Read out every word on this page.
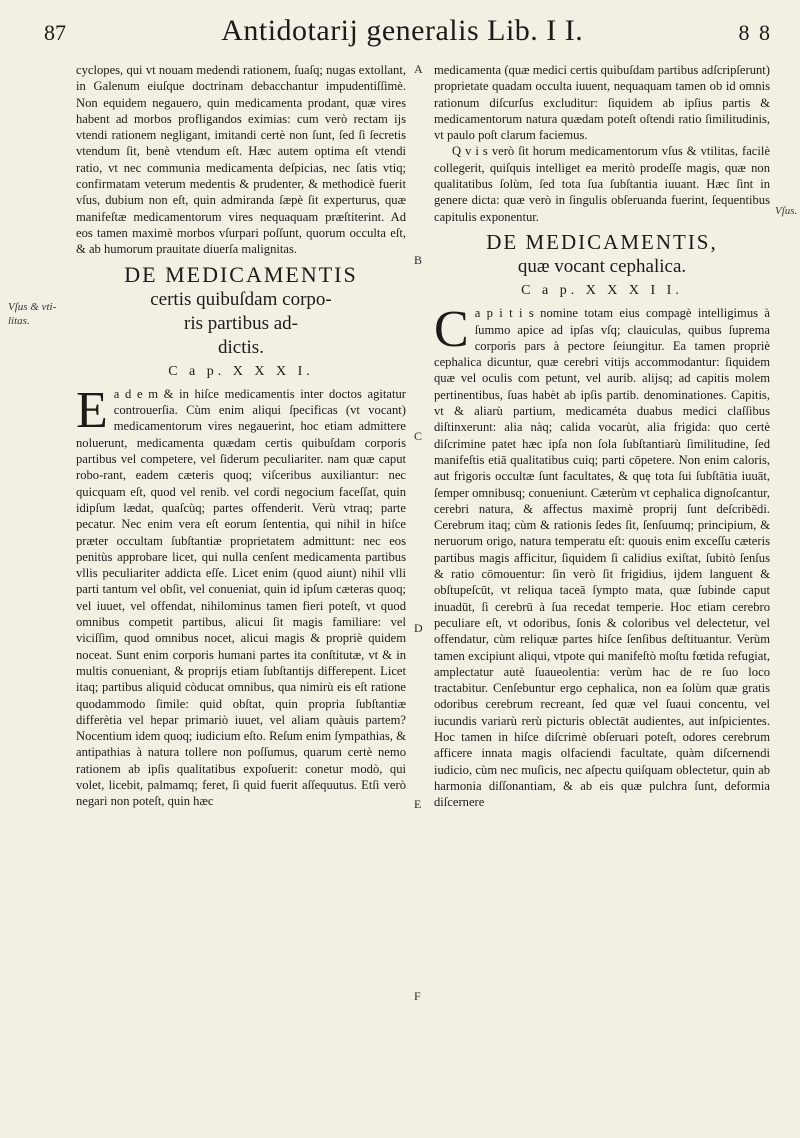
87	Antidotarij generalis Lib. I I.	8 8
Vſus & vti-
litas.
Vſus.
A
B
C
D
E
F

cyclopes, qui vt nouam medendi rationem, ſuaſq; nugas extollant, in Galenum eiuſque doctrinam debacchantur impudentiſſimè. Non equidem negauero, quin medicamenta prodant, quæ vires habent ad morbos profligandos eximias: cum verò rectam ijs vtendi rationem negligant, imitandi certè non ſunt, ſed ſi ſecretis vtendum ſit, benè vtendum eſt. Hæc autem optima eſt vtendi ratio, vt nec communia medicamenta deſpicias, nec ſatis vtiq; confirmatam veterum medentis & prudenter, & methodicè fuerit vſus, dubium non eſt, quin admiranda ſæpè ſit experturus, quæ manifeſtæ medicamentorum vires nequaquam præſtiterint. Ad eos tamen maximè morbos vſurpari poſſunt, quorum occulta eſt, & ab humorum prauitate diuerſa malignitas.

DE MEDICAMENTIS
certis quibuſdam corpo-
ris partibus ad-
dictis.
C a p. X X X I.

Ea d e m & in hiſce medicamentis inter doctos agitatur controuerſia. Cùm enim aliqui ſpecificas (vt vocant) medicamentorum vires negauerint, hoc etiam admittere noluerunt, medicamenta quædam certis quibuſdam corporis partibus vel competere, vel ſiderum peculiariter. nam quæ caput robo-rant, eadem cæteris quoq; viſceribus auxiliantur: nec quicquam eſt, quod vel renib. vel cordi negocium faceſſat, quin idipſum lædat, quaſcùq; partes offenderit. Verù vtraq; parte pecatur. Nec enim vera eſt eorum ſententia, qui nihil in hiſce præter occultam ſubſtantiæ proprietatem admittunt: nec eos penitùs approbare licet, qui nulla cenſent medicamenta partibus vllis peculiariter addicta eſſe. Licet enim (quod aiunt) nihil vlli parti tantum vel obſit, vel conueniat, quin id ipſum cæteras quoq; vel iuuet, vel offendat, nihilominus tamen fieri poteſt, vt quod omnibus competit partibus, alicui ſit magis familiare: vel viciſſim, quod omnibus nocet, alicui magis & propriè quidem noceat. Sunt enim corporis humani partes ita conſtitutæ, vt & in multis conueniant, & proprijs etiam ſubſtantijs differepent. Licet itaq; partibus aliquid còducat omnibus, qua nimirù eis eſt ratione quodammodo ſimile: quid obſtat, quin propria ſubſtantiæ differètia vel hepar primariò iuuet, vel aliam quàuis partem? Nocentium idem quoq; iudicium eſto. Reſum enim ſympathias, & antipathias à natura tollere non poſſumus, quarum certè nemo rationem ab ipſis qualitatibus expoſuerit: conetur modò, qui volet, licebit, palmamq; feret, ſi quid fuerit aſſequutus. Etſi verò negari non poteſt, quin hæc

medicamenta (quæ medici certis quibuſdam partibus adſcripſerunt) proprietate quadam occulta iuuent, nequaquam tamen ob id omnis rationum diſcurſus excluditur: ſiquidem ab ipſius partis & medicamentorum natura quædam poteſt oſtendi ratio ſimilitudinis, vt paulo poſt clarum faciemus.

Q v i s verò ſit horum medicamentorum vſus & vtilitas, facilè collegerit, quiſquis intelliget ea meritò prodeſſe magis, quæ non qualitatibus ſolùm, ſed tota ſua ſubſtantia iuuant. Hæc ſint in genere dicta: quæ verò in ſingulis obſeruanda fuerint, ſequentibus capitulis exponentur.

DE MEDICAMENTIS,
quæ vocant cephalica.
C a p. X X X I I.

Ca p i t i s nomine totam eius compagè intelligimus à ſummo apice ad ipſas vſq; clauiculas, quibus ſuprema corporis pars à pectore ſeiungitur. Ea tamen propriè cephalica dicuntur, quæ cerebri vitijs accommodantur: ſiquidem quæ vel oculis com petunt, vel aurib. alijsq; ad capitis molem pertinentibus, ſuas habèt ab ipſis partib. denominationes. Capitis, vt & aliarù partium, medicaméta duabus medici claſſibus diſtinxerunt: alia nàq; calida vocarùt, alia frigida: quo certè diſcrimine patet hæc ipſa non ſola ſubſtantiarù ſimilitudine, ſed manifeſtis etiā qualitatibus cuiq; parti cōpetere. Non enim caloris, aut frigoris occultæ ſunt facultates, & quę tota ſui ſubſtātia iuuāt, ſemper omnibusq; conueniunt. Cæterùm vt cephalica dignoſcantur, cerebri natura, & affectus maximè proprij ſunt deſcribēdi. Cerebrum itaq; cùm & rationis ſedes ſit, ſenſuumq; principium, & neruorum origo, natura temperatu eſt: quouis enim exceſſu cæteris partibus magis afficitur, ſiquidem ſi calidius exiſtat, ſubitò ſenſus & ratio cōmouentur: ſin verò ſit frigidius, ijdem languent & obſtupeſcūt, vt reliqua taceā ſympto mata, quæ ſubinde caput inuadūt, ſi cerebrū à ſua recedat temperie. Hoc etiam cerebro peculiare eſt, vt odoribus, ſonis & coloribus vel delectetur, vel offendatur, cùm reliquæ partes hiſce ſenſibus deſtituantur. Verùm tamen excipiunt aliqui, vtpote qui manifeſtò moſtu fœtida refugiat, amplectatur autè ſuaueolentia: verùm hac de re ſuo loco tractabitur. Cenſebuntur ergo cephalica, non ea ſolùm quæ gratis odoribus cerebrum recreant, ſed quæ vel ſuaui concentu, vel iucundis variarù rerù picturis oblectāt audientes, aut inſpicientes. Hoc tamen in hiſce diſcrimè obſeruari poteſt, odores cerebrum afficere innata magis olfaciendi facultate, quàm diſcernendi iudicio, cùm nec muſicis, nec aſpectu quiſquam oblectetur, quin ab harmonia diſſonantiam, & ab eis quæ pulchra ſunt, deformia diſcernere
